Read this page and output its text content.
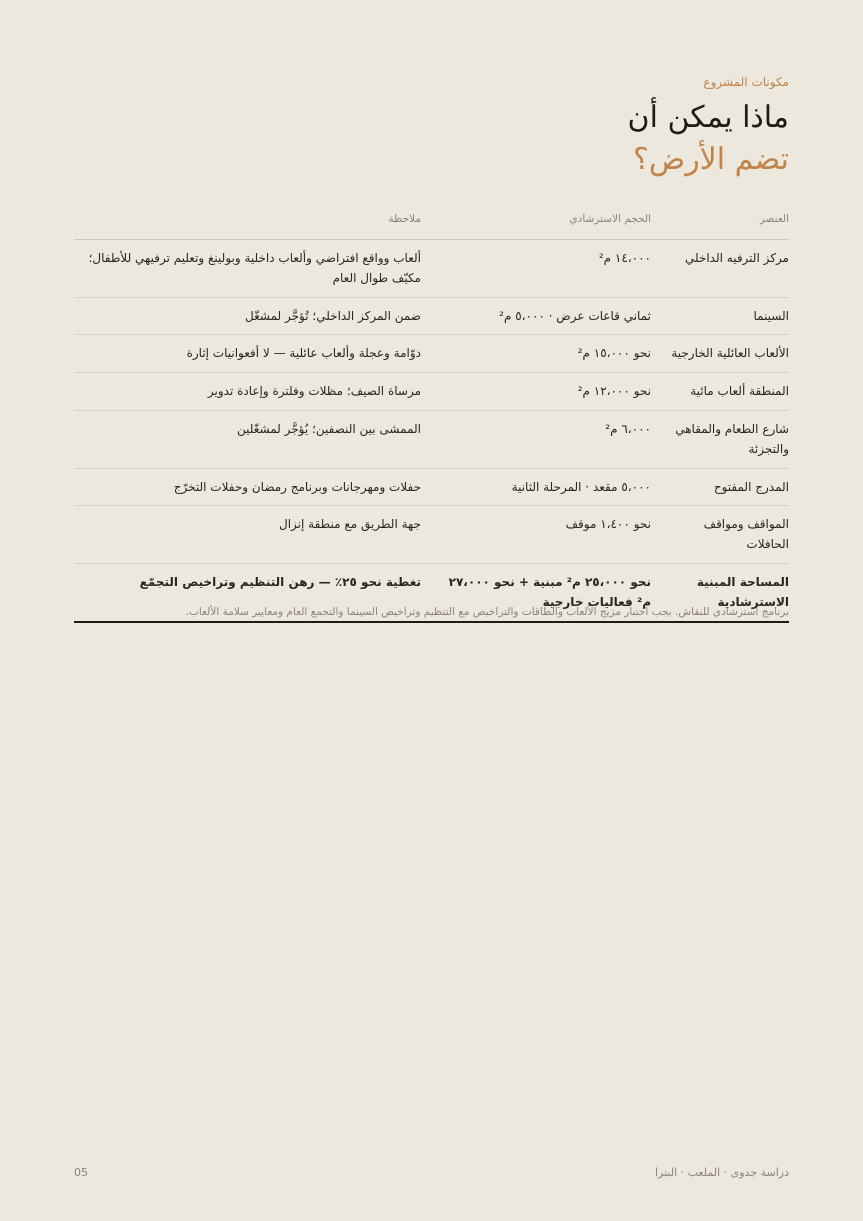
مكونات المشروع
ماذا يمكن أن
تضم الأرض؟
العنصر	الحجم الاسترشادي	ملاحظة
مركز الترفيه الداخلي	١٤،٠٠٠ م²	ألعاب وواقع افتراضي وألعاب داخلية وبولينغ وتعليم ترفيهي للأطفال؛ مكيّف طوال العام
السينما	ثماني قاعات عرض · ٥،٠٠٠ م²	ضمن المركز الداخلي؛ تُؤجَّر لمشغّل
الألعاب العائلية الخارجية	نحو ١٥،٠٠٠ م²	دوّامة وعجلة وألعاب عائلية — لا أفعوانيات إثارة
المنطقة ألعاب مائية	نحو ١٢،٠٠٠ م²	مرساة الصيف؛ مظلات وفلترة وإعادة تدوير
شارع الطعام والمقاهي والتجزئة	٦،٠٠٠ م²	الممشى بين النصفين؛ يُؤجَّر لمشغّلين
المدرج المفتوح	٥،٠٠٠ مقعد · المرحلة الثانية	حفلات ومهرجانات وبرنامج رمضان وحفلات التخرّج
المواقف ومواقف الحافلات	نحو ١،٤٠٠ موقف	جهة الطريق مع منطقة إنزال
المساحة المبنية الاسترشادية	نحو ٢٥،٠٠٠ م² مبنية + نحو ٢٧،٠٠٠ م² فعاليات خارجية	تغطية نحو ٢٥٪ — رهن التنظيم وتراخيص التجمّع
برنامج استرشادي للنقاش. يجب اختبار مزيج الألعاب والطاقات والتراخيص مع التنظيم وتراخيص السينما والتجمع العام ومعايير سلامة الألعاب.
دراسة جدوى · الملعب · البترا
05
